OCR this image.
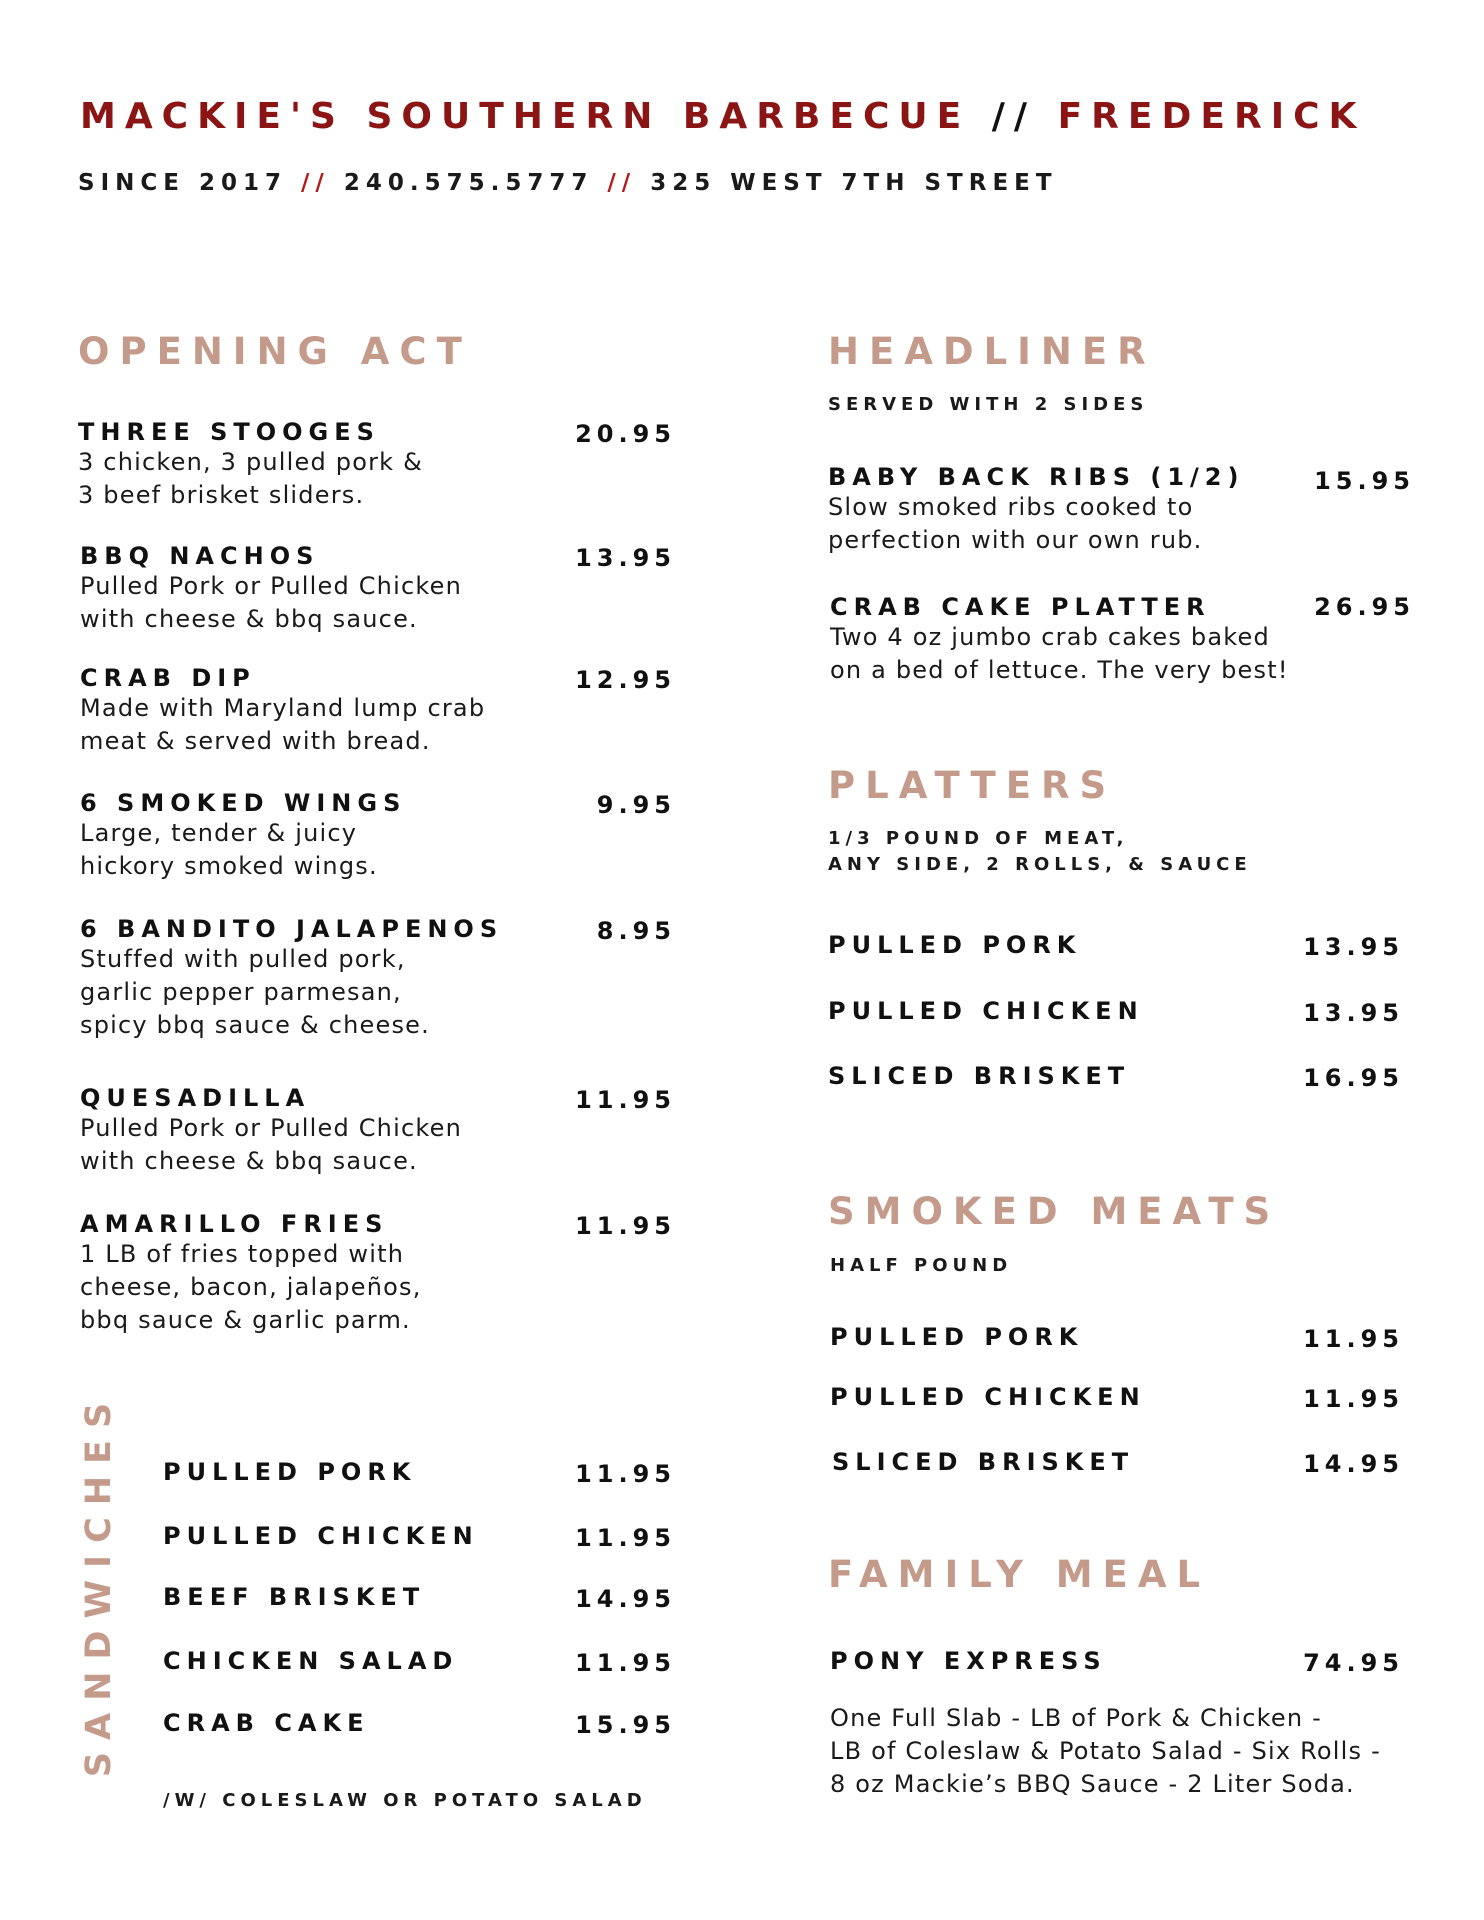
MACKIE'S SOUTHERN BARBECUE // FREDERICK
SINCE 2017 // 240.575.5777 // 325 WEST 7TH STREET
OPENING ACT
THREE STOOGES	20.95
3 chicken, 3 pulled pork &
3 beef brisket sliders.
BBQ NACHOS	13.95
Pulled Pork or Pulled Chicken
with cheese & bbq sauce.
CRAB DIP	12.95
Made with Maryland lump crab
meat & served with bread.
6 SMOKED WINGS	9.95
Large, tender & juicy
hickory smoked wings.
6 BANDITO JALAPENOS	8.95
Stuffed with pulled pork,
garlic pepper parmesan,
spicy bbq sauce & cheese.
QUESADILLA	11.95
Pulled Pork or Pulled Chicken
with cheese & bbq sauce.
AMARILLO FRIES	11.95
1 LB of fries topped with
cheese, bacon, jalapeños,
bbq sauce & garlic parm.
SANDWICHES PULLED PORK	11.95
PULLED CHICKEN	11.95
BEEF BRISKET	14.95
CHICKEN SALAD	11.95
CRAB CAKE	15.95
/W/ COLESLAW OR POTATO SALAD
HEADLINER
SERVED WITH 2 SIDES
BABY BACK RIBS (1/2)	15.95
Slow smoked ribs cooked to
perfection with our own rub.
CRAB CAKE PLATTER	26.95
Two 4 oz jumbo crab cakes baked
on a bed of lettuce. The very best!
PLATTERS
1/3 POUND OF MEAT,
ANY SIDE, 2 ROLLS, & SAUCE
PULLED PORK	13.95
PULLED CHICKEN	13.95
SLICED BRISKET	16.95
SMOKED MEATS
HALF POUND
PULLED PORK	11.95
PULLED CHICKEN	11.95
SLICED BRISKET	14.95
FAMILY MEAL
PONY EXPRESS	74.95
One Full Slab - LB of Pork & Chicken -
LB of Coleslaw & Potato Salad - Six Rolls -
8 oz Mackie’s BBQ Sauce - 2 Liter Soda.
